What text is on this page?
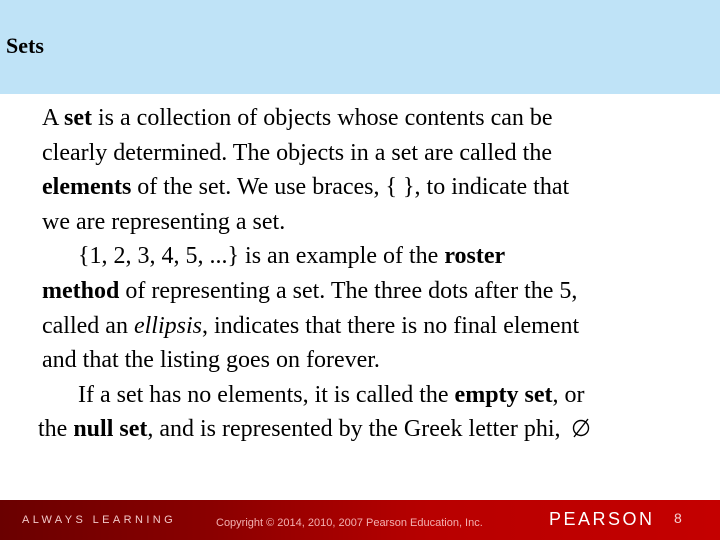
Sets
A set is a collection of objects whose contents can be
clearly determined. The objects in a set are called the
elements of the set. We use braces, { }, to indicate that
we are representing a set.
{1, 2, 3, 4, 5, ...} is an example of the roster
method of representing a set. The three dots after the 5,
called an ellipsis, indicates that there is no final element
and that the listing goes on forever.
If a set has no elements, it is called the empty set, or
the null set, and is represented by the Greek letter phi,
ALWAYS LEARNING	Copyright © 2014, 2010, 2007 Pearson Education, Inc.	PEARSON 8
